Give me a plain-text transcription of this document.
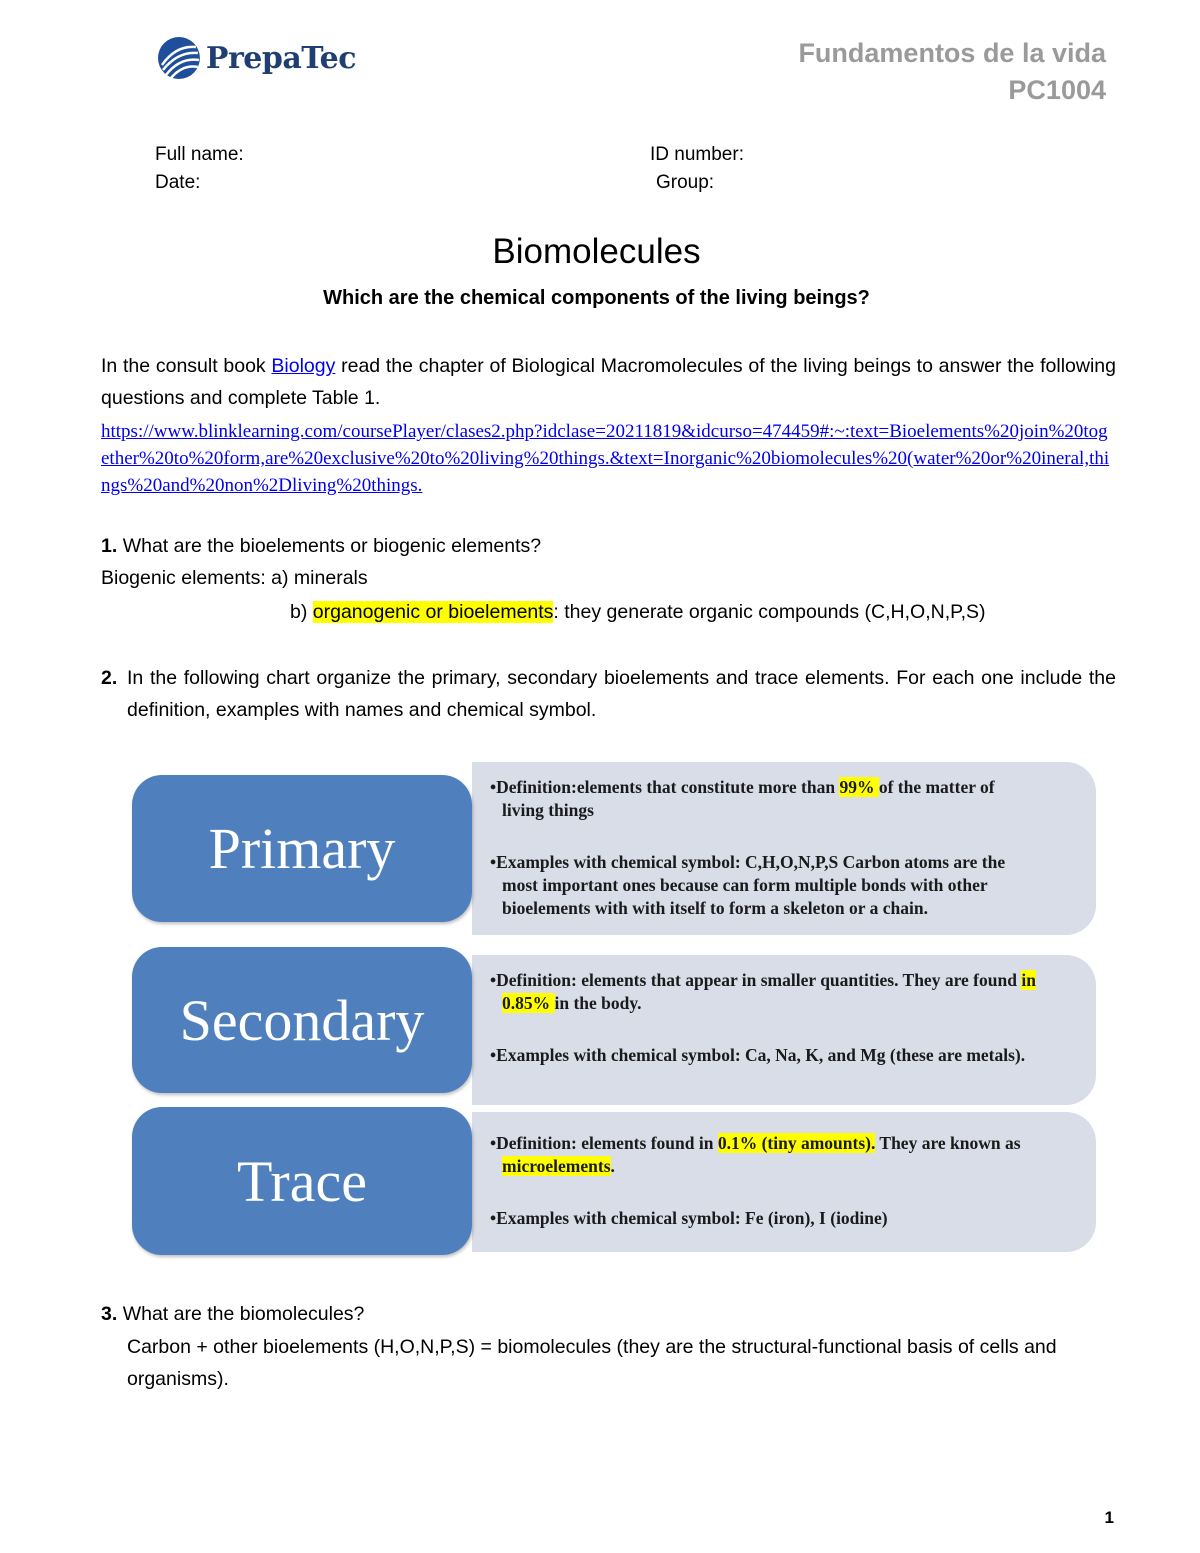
PrepaTec	Fundamentos de la vida
PC1004
Full name:	ID number:
Date:	Group:
Biomolecules
Which are the chemical components of the living beings?
In the consult book Biology read the chapter of Biological Macromolecules of the living beings to answer the following questions and complete Table 1.
https://www.blinklearning.com/coursePlayer/clases2.php?idclase=20211819&idcurso=474459#:~:text=Bioelements%20join%20together%20to%20form,are%20exclusive%20to%20living%20things.&text=Inorganic%20biomolecules%20(water%20or%20ineral,things%20and%20non%2Dliving%20things.
1. What are the bioelements or biogenic elements?
Biogenic elements: a) minerals
b) organogenic or bioelements: they generate organic compounds (C,H,O,N,P,S)
2. In the following chart organize the primary, secondary bioelements and trace elements. For each one include the definition, examples with names and chemical symbol.
• Definition:elements that constitute more than 99% of the matter of living things
• Examples with chemical symbol: C,H,O,N,P,S Carbon atoms are the most important ones because can form multiple bonds with other bioelements with with itself to form a skeleton or a chain.
Primary
• Definition: elements that appear in smaller quantities. They are found in 0.85% in the body.
• Examples with chemical symbol: Ca, Na, K, and Mg (these are metals).
Secondary
• Definition: elements found in 0.1% (tiny amounts). They are known as microelements.
• Examples with chemical symbol: Fe (iron), I (iodine)
Trace
3. What are the biomolecules?
Carbon + other bioelements (H,O,N,P,S) = biomolecules (they are the structural-functional basis of cells and organisms).
1
